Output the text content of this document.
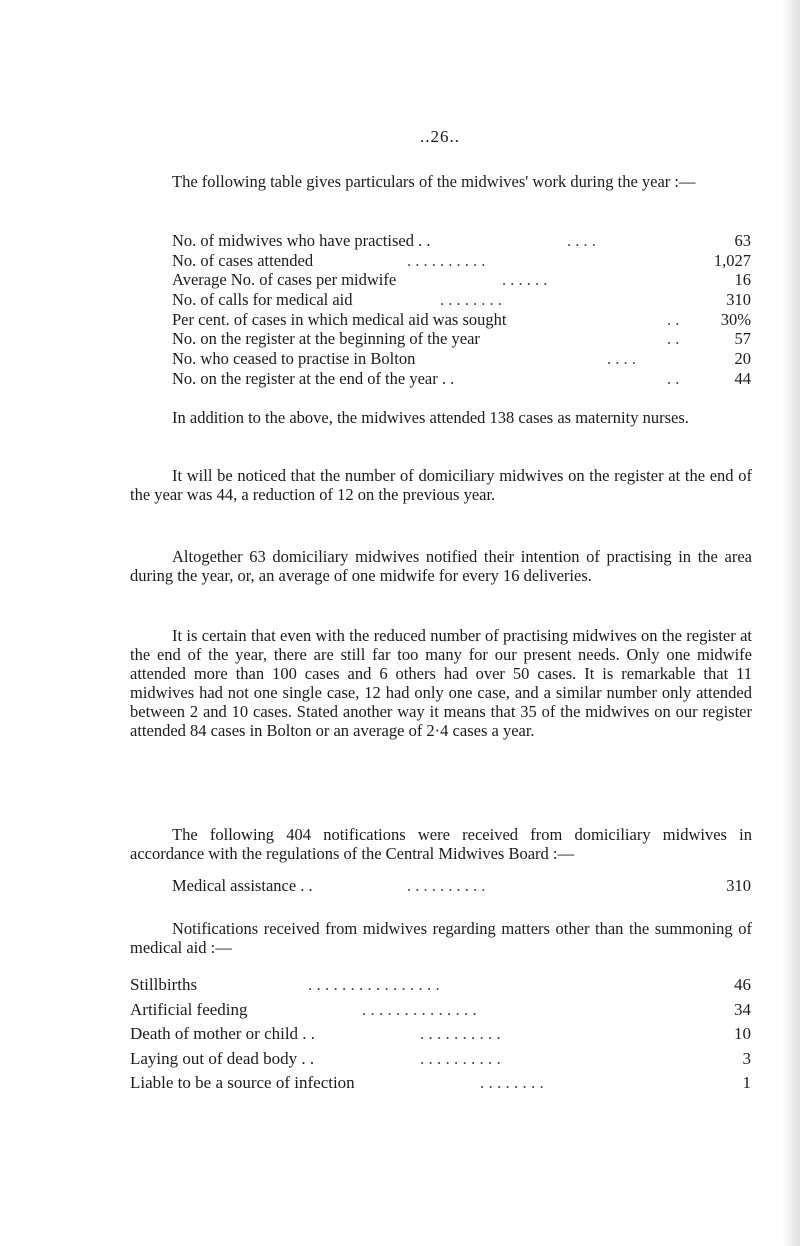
..26..
The following table gives particulars of the midwives' work during the year :—
No. of midwives who have practised . .	. . . .	63
No. of cases attended	. . . . . . . . . .	1,027
Average No. of cases per midwife	. . . . . .	16
No. of calls for medical aid	. . . . . . . .	310
Per cent. of cases in which medical aid was sought	. .	30%
No. on the register at the beginning of the year	. .	57
No. who ceased to practise in Bolton	. . . .	20
No. on the register at the end of the year . .	. .	44
In addition to the above, the midwives attended 138 cases as maternity nurses.
It will be noticed that the number of domiciliary midwives on the register at the end of the year was 44, a reduction of 12 on the previous year.
Altogether 63 domiciliary midwives notified their intention of practising in the area during the year, or, an average of one midwife for every 16 deliveries.
It is certain that even with the reduced number of practising midwives on the register at the end of the year, there are still far too many for our present needs. Only one midwife attended more than 100 cases and 6 others had over 50 cases. It is remarkable that 11 midwives had not one single case, 12 had only one case, and a similar number only attended between 2 and 10 cases. Stated another way it means that 35 of the midwives on our register attended 84 cases in Bolton or an average of 2·4 cases a year.
The following 404 notifications were received from domiciliary midwives in accordance with the regulations of the Central Midwives Board :—
Medical assistance . .	. . . . . . . . . .	310
Notifications received from midwives regarding matters other than the summoning of medical aid :—
Stillbirths	. . . . . . . . . . . . . . . .	46
Artificial feeding	. . . . . . . . . . . . . .	34
Death of mother or child . .	. . . . . . . . . .	10
Laying out of dead body . .	. . . . . . . . . .	3
Liable to be a source of infection	. . . . . . . .	1
